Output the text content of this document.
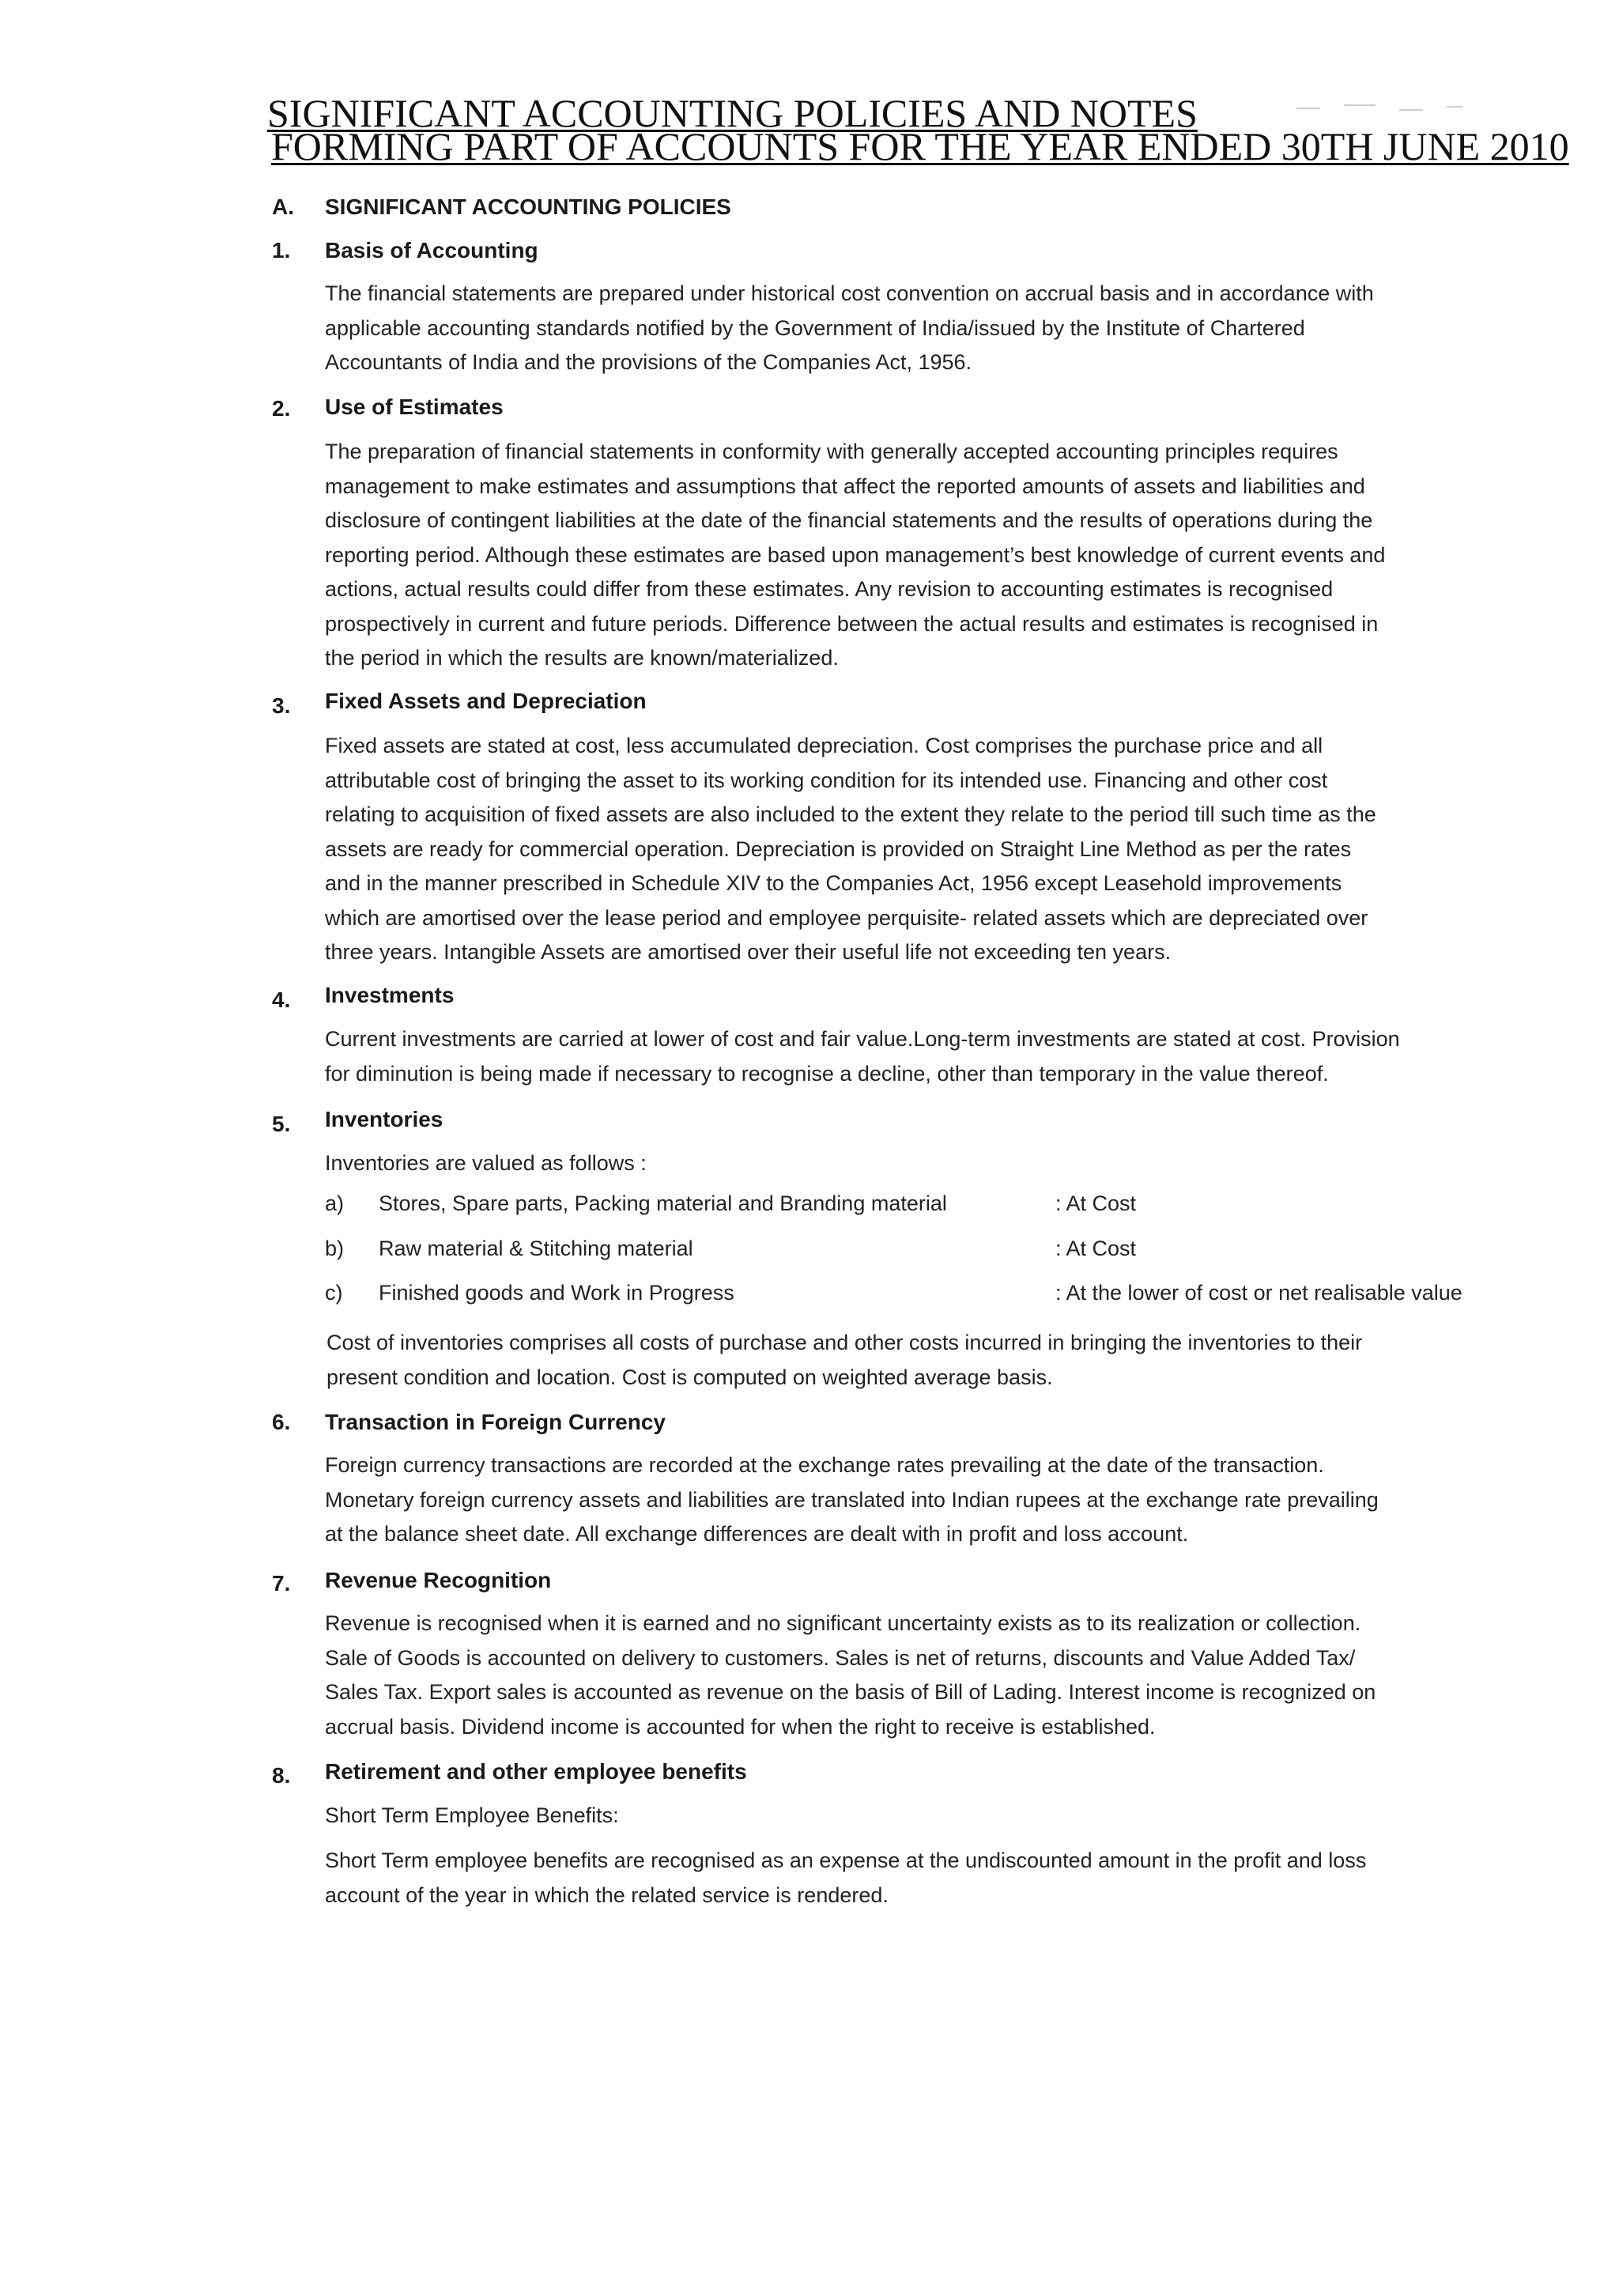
SIGNIFICANT ACCOUNTING POLICIES AND NOTES
FORMING PART OF ACCOUNTS FOR THE YEAR ENDED 30TH JUNE 2010
A. SIGNIFICANT ACCOUNTING POLICIES
1. Basis of Accounting
The financial statements are prepared under historical cost convention on accrual basis and in accordance with
applicable accounting standards notified by the Government of India/issued by the Institute of Chartered
Accountants of India and the provisions of the Companies Act, 1956.
2. Use of Estimates
The preparation of financial statements in conformity with generally accepted accounting principles requires
management to make estimates and assumptions that affect the reported amounts of assets and liabilities and
disclosure of contingent liabilities at the date of the financial statements and the results of operations during the
reporting period. Although these estimates are based upon management’s best knowledge of current events and
actions, actual results could differ from these estimates. Any revision to accounting estimates is recognised
prospectively in current and future periods. Difference between the actual results and estimates is recognised in
the period in which the results are known/materialized.
3. Fixed Assets and Depreciation
Fixed assets are stated at cost, less accumulated depreciation. Cost comprises the purchase price and all
attributable cost of bringing the asset to its working condition for its intended use. Financing and other cost
relating to acquisition of fixed assets are also included to the extent they relate to the period till such time as the
assets are ready for commercial operation. Depreciation is provided on Straight Line Method as per the rates
and in the manner prescribed in Schedule XIV to the Companies Act, 1956 except Leasehold improvements
which are amortised over the lease period and employee perquisite- related assets which are depreciated over
three years. Intangible Assets are amortised over their useful life not exceeding ten years.
4. Investments
Current investments are carried at lower of cost and fair value.Long-term investments are stated at cost. Provision
for diminution is being made if necessary to recognise a decline, other than temporary in the value thereof.
5. Inventories
Inventories are valued as follows :
a) Stores, Spare parts, Packing material and Branding material	: At Cost
b) Raw material & Stitching material	: At Cost
c) Finished goods and Work in Progress	: At the lower of cost or net realisable value
Cost of inventories comprises all costs of purchase and other costs incurred in bringing the inventories to their
present condition and location. Cost is computed on weighted average basis.
6. Transaction in Foreign Currency
Foreign currency transactions are recorded at the exchange rates prevailing at the date of the transaction.
Monetary foreign currency assets and liabilities are translated into Indian rupees at the exchange rate prevailing
at the balance sheet date. All exchange differences are dealt with in profit and loss account.
7. Revenue Recognition
Revenue is recognised when it is earned and no significant uncertainty exists as to its realization or collection.
Sale of Goods is accounted on delivery to customers. Sales is net of returns, discounts and Value Added Tax/
Sales Tax. Export sales is accounted as revenue on the basis of Bill of Lading. Interest income is recognized on
accrual basis. Dividend income is accounted for when the right to receive is established.
8. Retirement and other employee benefits
Short Term Employee Benefits:
Short Term employee benefits are recognised as an expense at the undiscounted amount in the profit and loss
account of the year in which the related service is rendered.
